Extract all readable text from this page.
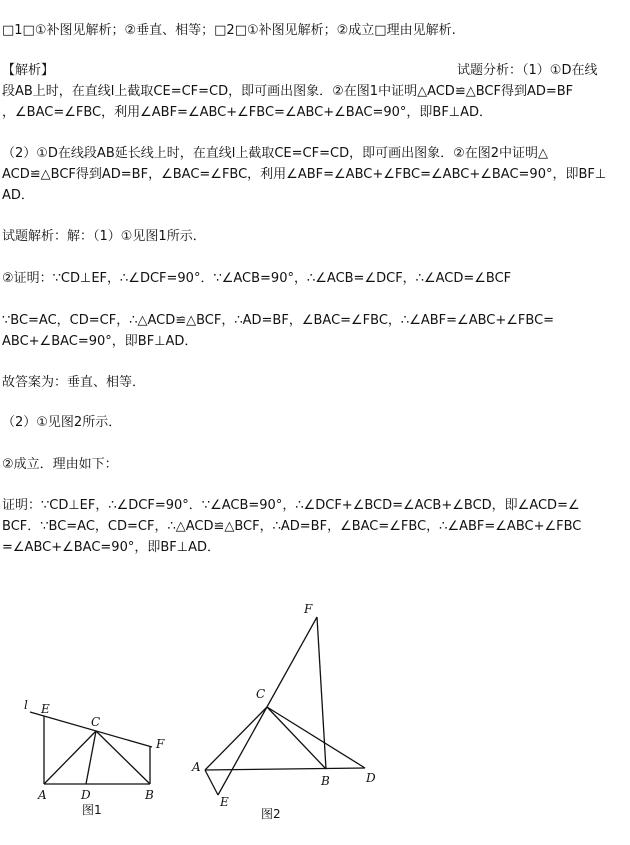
□1□①补图见解析；②垂直、相等；□2□①补图见解析；②成立□理由见解析.
【解析】	试题分析：（1）①D在线
段AB上时，在直线l上截取CE=CF=CD，即可画出图象．②在图1中证明△ACD≌△BCF得到AD=BF
，∠BAC=∠FBC，利用∠ABF=∠ABC+∠FBC=∠ABC+∠BAC=90°，即BF⊥AD．
（2）①D在线段AB延长线上时，在直线l上截取CE=CF=CD，即可画出图象．②在图2中证明△
ACD≌△BCF得到AD=BF，∠BAC=∠FBC，利用∠ABF=∠ABC+∠FBC=∠ABC+∠BAC=90°，即BF⊥
AD．
试题解析：解：（1）①见图1所示．
②证明：∵CD⊥EF，∴∠DCF=90°．∵∠ACB=90°，∴∠ACB=∠DCF，∴∠ACD=∠BCF
∵BC=AC，CD=CF，∴△ACD≌△BCF，∴AD=BF，∠BAC=∠FBC，∴∠ABF=∠ABC+∠FBC=
ABC+∠BAC=90°，即BF⊥AD．
故答案为：垂直、相等．
（2）①见图2所示．
②成立．理由如下：
证明：∵CD⊥EF，∴∠DCF=90°．∵∠ACB=90°，∴∠DCF+∠BCD=∠ACB+∠BCD，即∠ACD=∠
BCF．∵BC=AC，CD=CF，∴△ACD≌△BCF，∴AD=BF，∠BAC=∠FBC，∴∠ABF=∠ABC+∠FBC
=∠ABC+∠BAC=90°，即BF⊥AD．
l E
C
F
A	D	B
图1
F
C
A
B	D
E
图2
